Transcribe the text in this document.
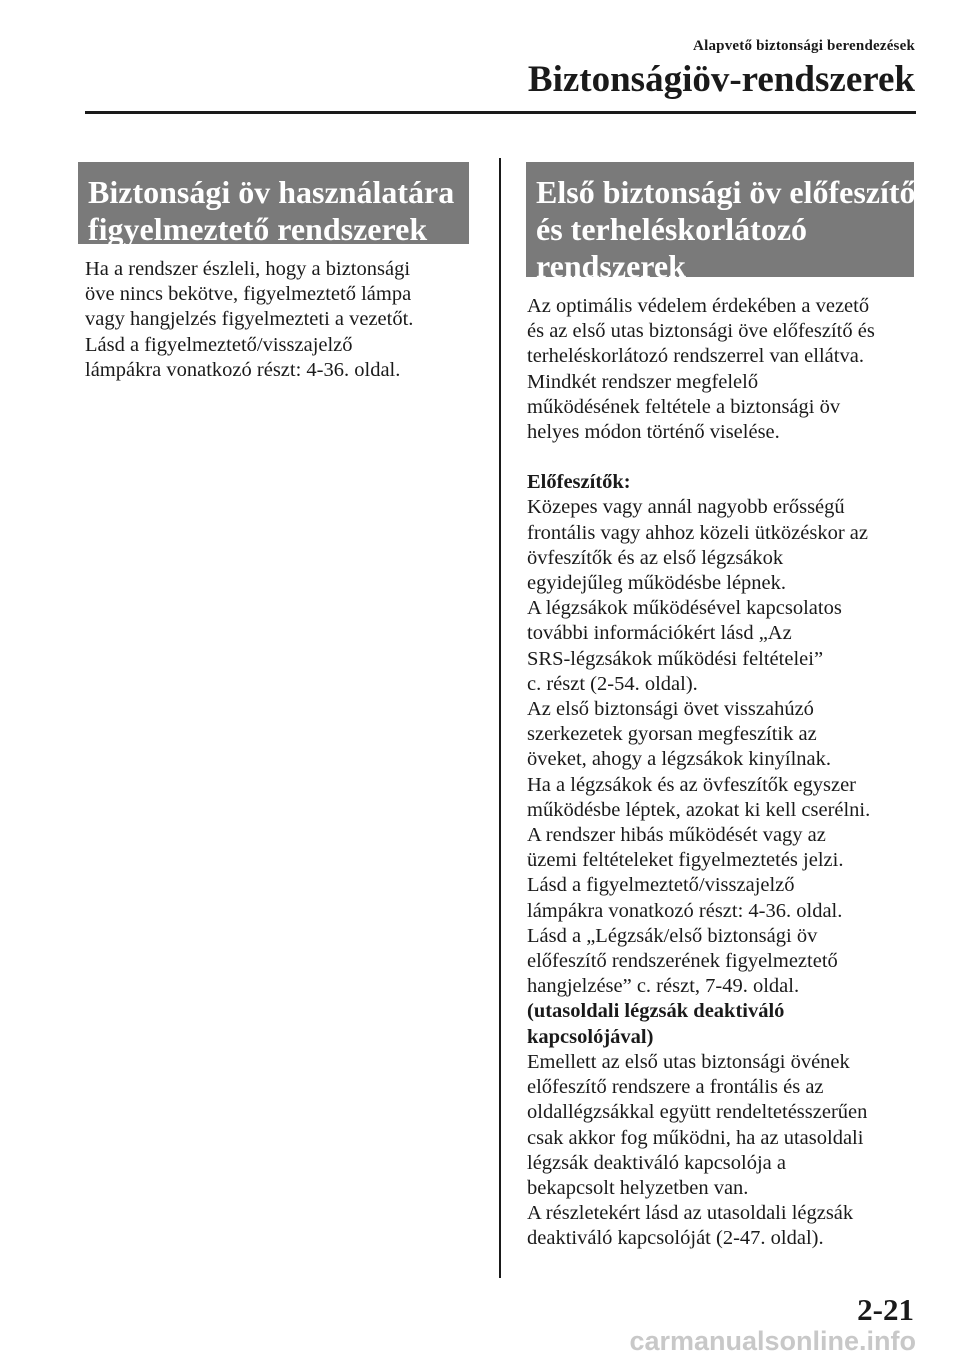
Alapvető biztonsági berendezések
Biztonságiöv-rendszerek
Biztonsági öv használatára
figyelmeztető rendszerek

Ha a rendszer észleli, hogy a biztonsági

öve nincs bekötve, figyelmeztető lámpa

vagy hangjelzés figyelmezteti a vezetőt.

Lásd a figyelmeztető/visszajelző

lámpákra vonatkozó részt: 4-36. oldal.

Első biztonsági öv előfeszítő
és terheléskorlátozó
rendszerek

Az optimális védelem érdekében a vezető

és az első utas biztonsági öve előfeszítő és

terheléskorlátozó rendszerrel van ellátva.

Mindkét rendszer megfelelő

működésének feltétele a biztonsági öv

helyes módon történő viselése.

Előfeszítők:

Közepes vagy annál nagyobb erősségű

frontális vagy ahhoz közeli ütközéskor az

övfeszítők és az első légzsákok

egyidejűleg működésbe lépnek.

A légzsákok működésével kapcsolatos

további információkért lásd „Az

SRS-légzsákok működési feltételei”

c. részt (2-54. oldal).

Az első biztonsági övet visszahúzó

szerkezetek gyorsan megfeszítik az

öveket, ahogy a légzsákok kinyílnak.

Ha a légzsákok és az övfeszítők egyszer

működésbe léptek, azokat ki kell cserélni.

A rendszer hibás működését vagy az

üzemi feltételeket figyelmeztetés jelzi.

Lásd a figyelmeztető/visszajelző

lámpákra vonatkozó részt: 4-36. oldal.

Lásd a „Légzsák/első biztonsági öv

előfeszítő rendszerének figyelmeztető

hangjelzése” c. részt, 7-49. oldal.

(utasoldali légzsák deaktiváló

kapcsolójával)

Emellett az első utas biztonsági övének

előfeszítő rendszere a frontális és az

oldallégzsákkal együtt rendeltetésszerűen

csak akkor fog működni, ha az utasoldali

légzsák deaktiváló kapcsolója a

bekapcsolt helyzetben van.

A részletekért lásd az utasoldali légzsák

deaktiváló kapcsolóját (2-47. oldal).

2-21
carmanualsonline.info
